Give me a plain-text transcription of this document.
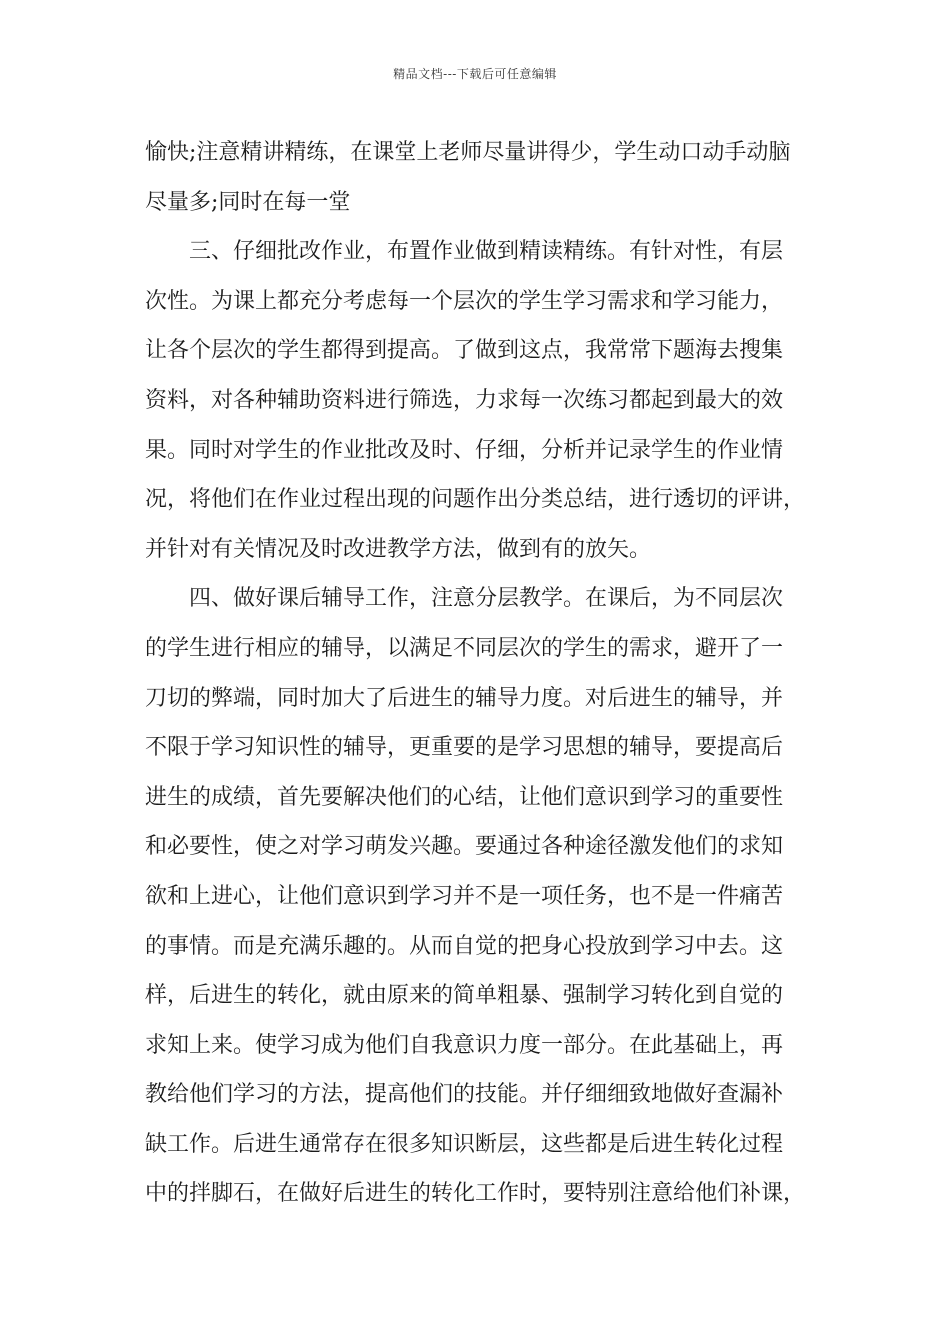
精品文档---下载后可任意编辑
愉快;注意精讲精练，在课堂上老师尽量讲得少，学生动口动手动脑
尽量多;同时在每一堂
三、仔细批改作业，布置作业做到精读精练。有针对性，有层
次性。为课上都充分考虑每一个层次的学生学习需求和学习能力，
让各个层次的学生都得到提高。了做到这点，我常常下题海去搜集
资料，对各种辅助资料进行筛选，力求每一次练习都起到最大的效
果。同时对学生的作业批改及时、仔细，分析并记录学生的作业情
况，将他们在作业过程出现的问题作出分类总结，进行透切的评讲，
并针对有关情况及时改进教学方法，做到有的放矢。
四、做好课后辅导工作，注意分层教学。在课后，为不同层次
的学生进行相应的辅导，以满足不同层次的学生的需求，避开了一
刀切的弊端，同时加大了后进生的辅导力度。对后进生的辅导，并
不限于学习知识性的辅导，更重要的是学习思想的辅导，要提高后
进生的成绩，首先要解决他们的心结，让他们意识到学习的重要性
和必要性，使之对学习萌发兴趣。要通过各种途径激发他们的求知
欲和上进心，让他们意识到学习并不是一项任务，也不是一件痛苦
的事情。而是充满乐趣的。从而自觉的把身心投放到学习中去。这
样，后进生的转化，就由原来的简单粗暴、强制学习转化到自觉的
求知上来。使学习成为他们自我意识力度一部分。在此基础上，再
教给他们学习的方法，提高他们的技能。并仔细细致地做好查漏补
缺工作。后进生通常存在很多知识断层，这些都是后进生转化过程
中的拌脚石，在做好后进生的转化工作时，要特别注意给他们补课，
